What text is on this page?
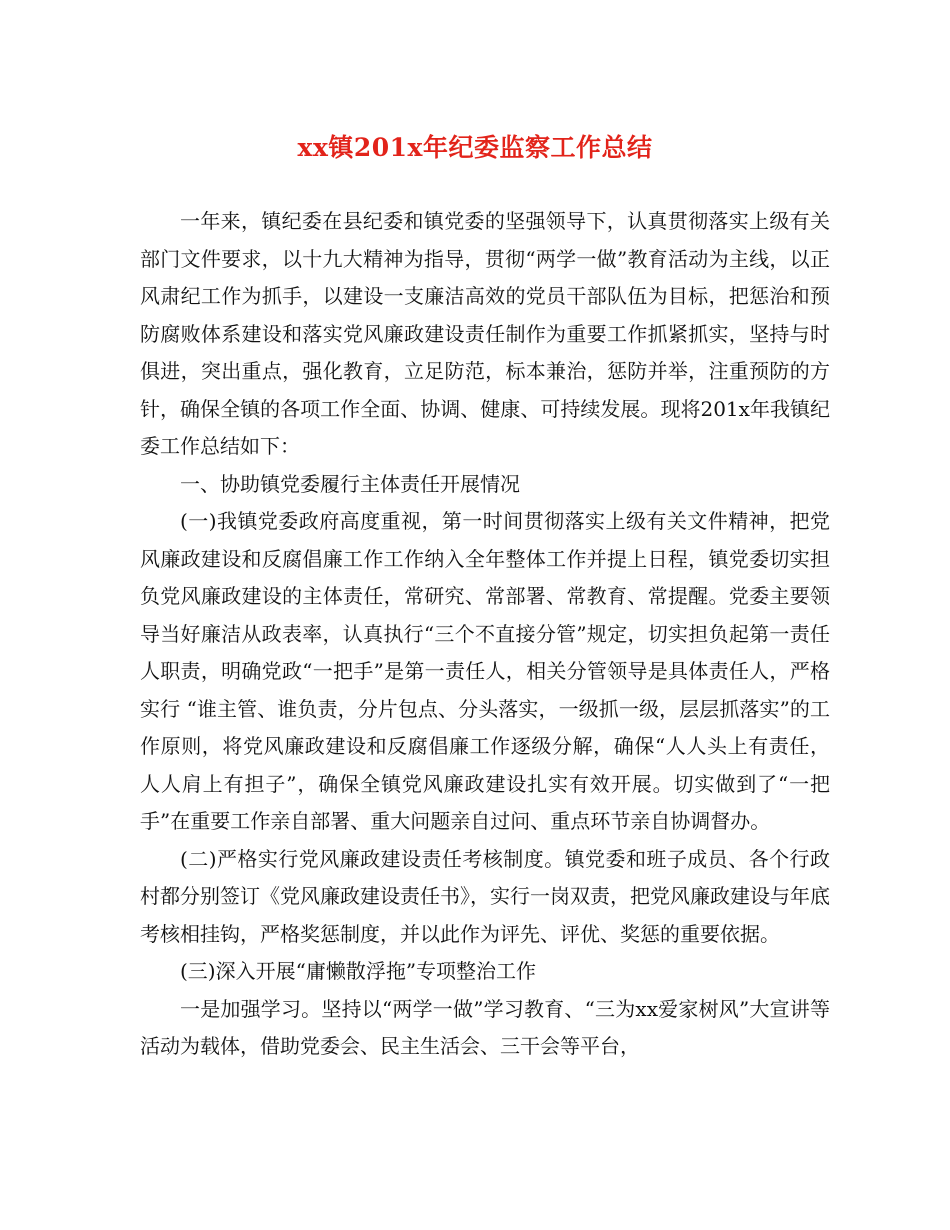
xx镇201x年纪委监察工作总结

一年来，镇纪委在县纪委和镇党委的坚强领导下，认真贯彻落实上级有关部门文件要求，以十九大精神为指导，贯彻“两学一做”教育活动为主线，以正风肃纪工作为抓手，以建设一支廉洁高效的党员干部队伍为目标，把惩治和预防腐败体系建设和落实党风廉政建设责任制作为重要工作抓紧抓实，坚持与时俱进，突出重点，强化教育，立足防范，标本兼治，惩防并举，注重预防的方针，确保全镇的各项工作全面、协调、健康、可持续发展。现将201x年我镇纪委工作总结如下：

一、协助镇党委履行主体责任开展情况

(一)我镇党委政府高度重视，第一时间贯彻落实上级有关文件精神，把党风廉政建设和反腐倡廉工作工作纳入全年整体工作并提上日程，镇党委切实担负党风廉政建设的主体责任，常研究、常部署、常教育、常提醒。党委主要领导当好廉洁从政表率，认真执行“三个不直接分管”规定，切实担负起第一责任人职责，明确党政“一把手”是第一责任人，相关分管领导是具体责任人，严格实行 “谁主管、谁负责，分片包点、分头落实，一级抓一级，层层抓落实”的工作原则，将党风廉政建设和反腐倡廉工作逐级分解，确保“人人头上有责任，人人肩上有担子”，确保全镇党风廉政建设扎实有效开展。切实做到了“一把手”在重要工作亲自部署、重大问题亲自过问、重点环节亲自协调督办。

(二)严格实行党风廉政建设责任考核制度。镇党委和班子成员、各个行政村都分别签订《党风廉政建设责任书》，实行一岗双责，把党风廉政建设与年底考核相挂钩，严格奖惩制度，并以此作为评先、评优、奖惩的重要依据。

(三)深入开展“庸懒散浮拖”专项整治工作

一是加强学习。坚持以“两学一做”学习教育、“三为xx爱家树风”大宣讲等活动为载体，借助党委会、民主生活会、三干会等平台，
